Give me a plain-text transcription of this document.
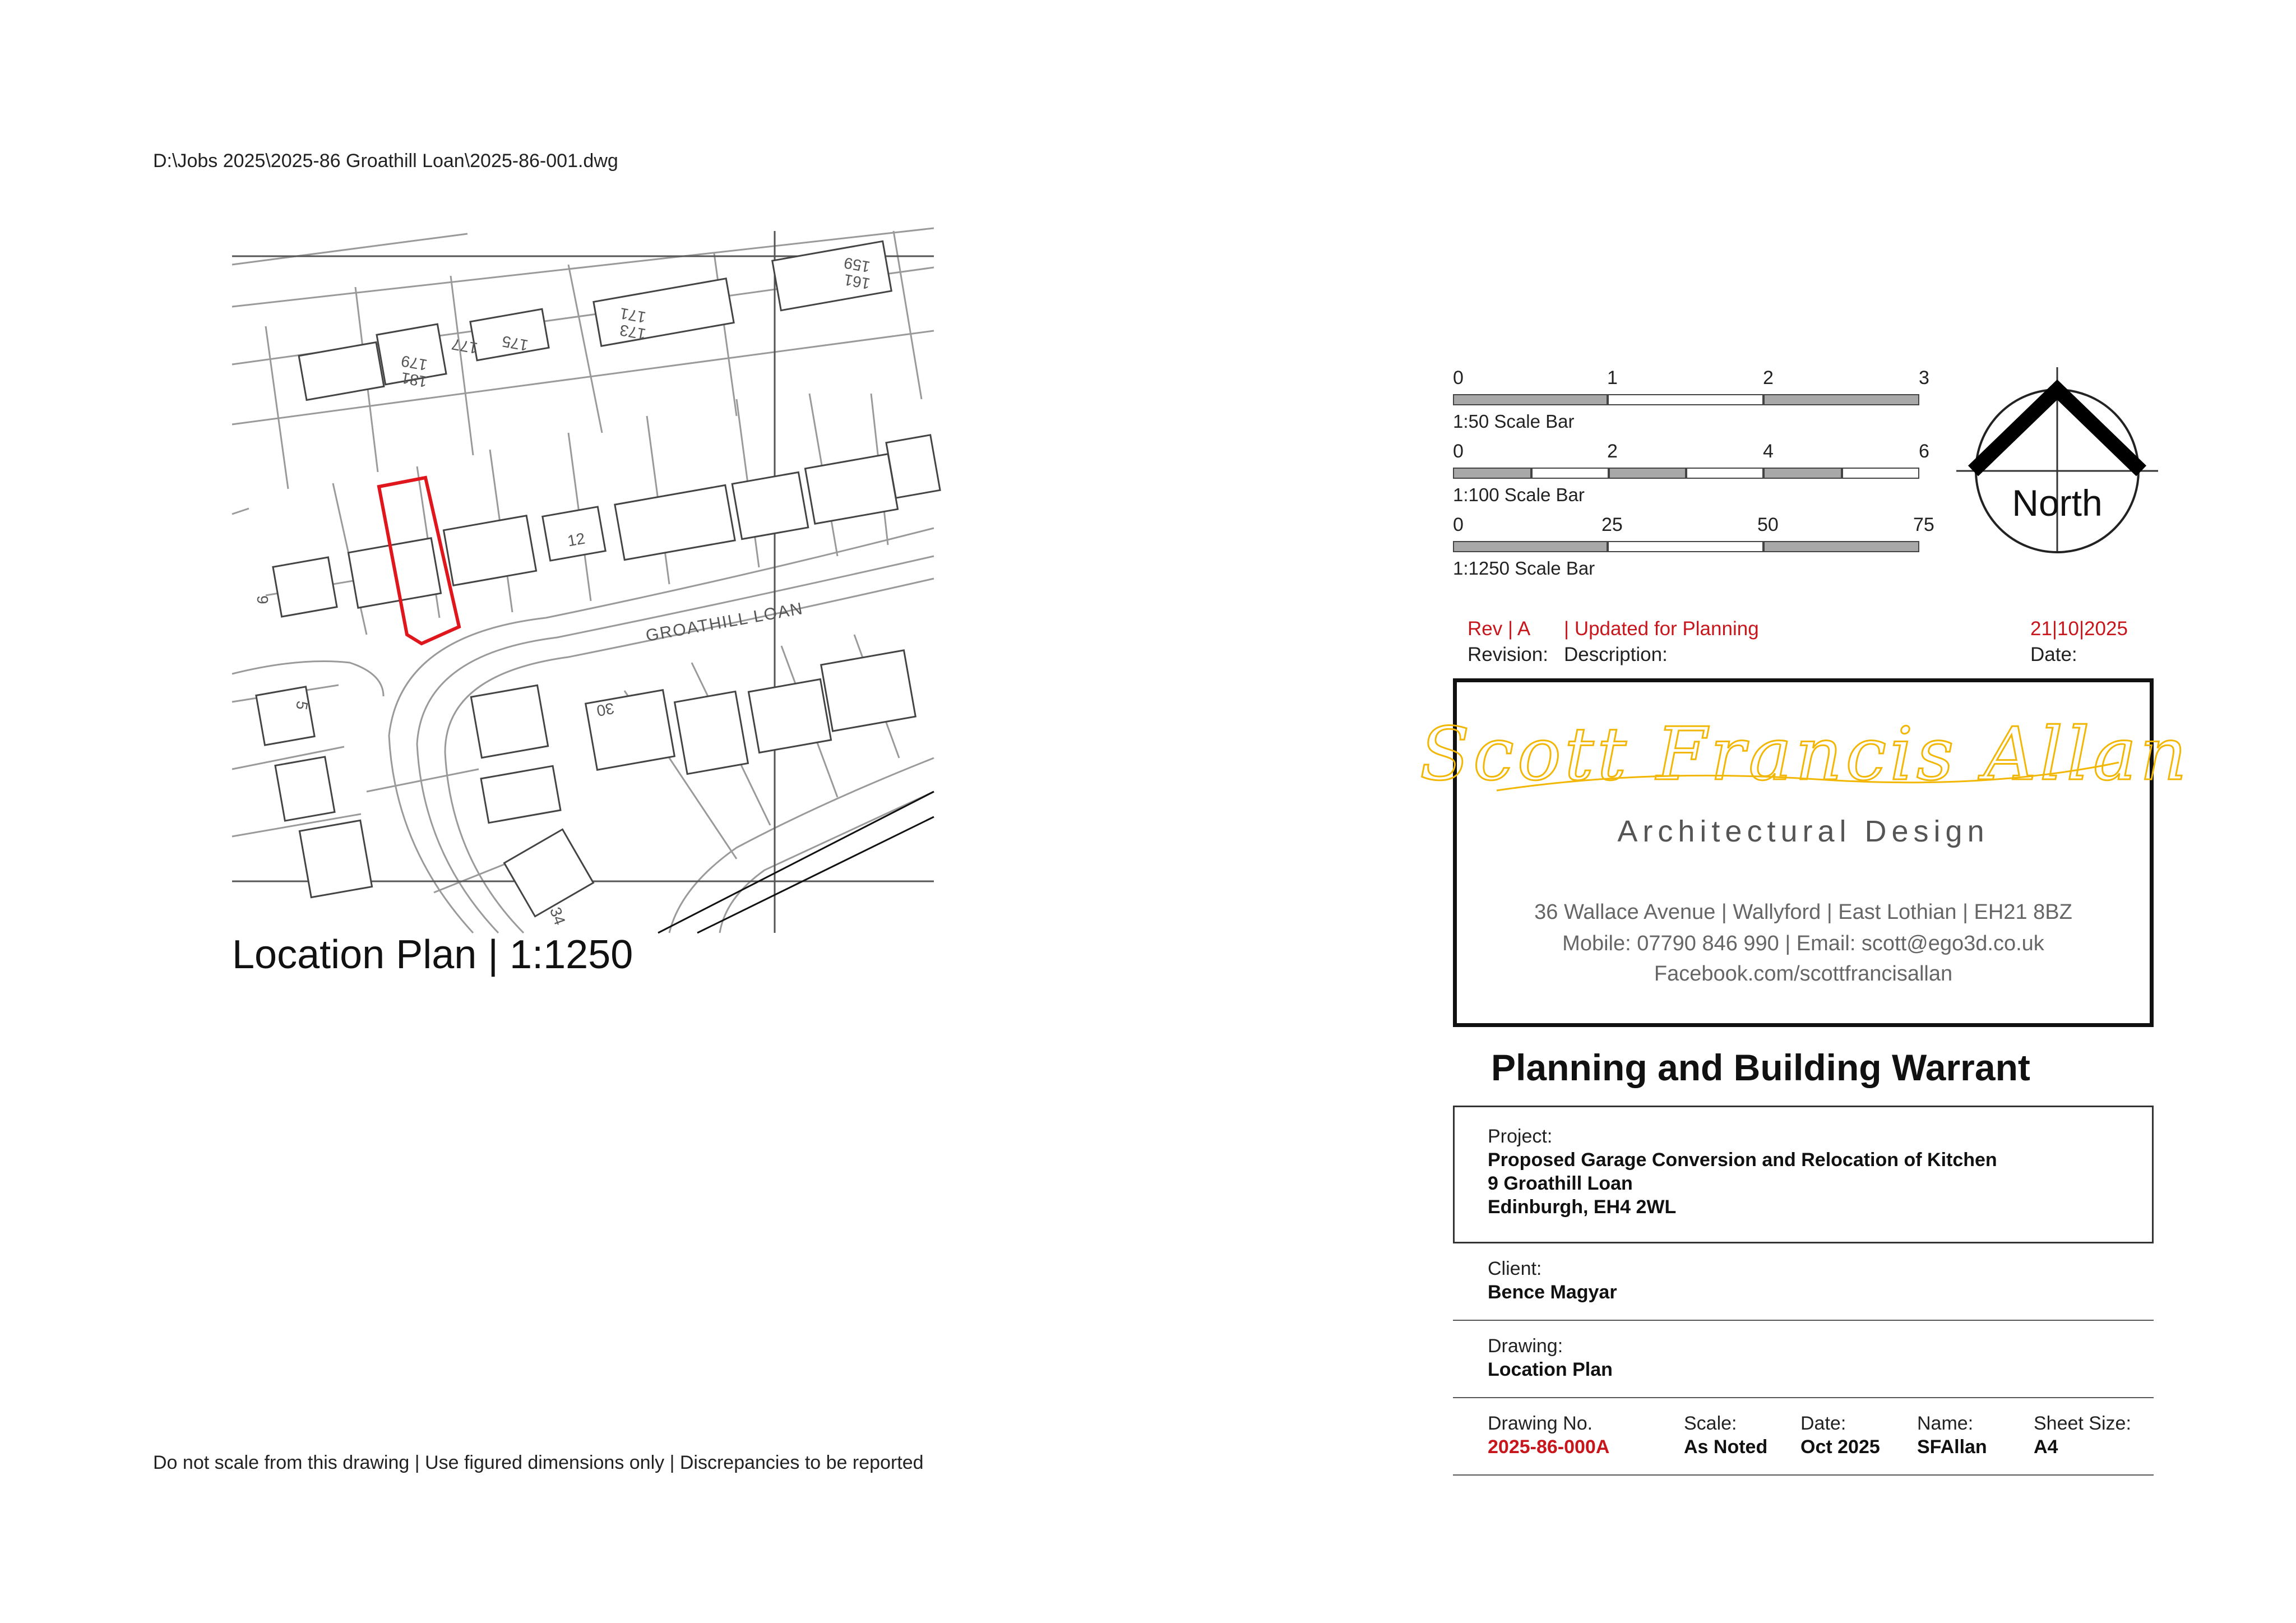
D:\Jobs 2025\2025-86 Groathill Loan\2025-86-001.dwg
GROATHILL LOAN
159
161
171
173
175
177
179
181
12
9
5	30
34
Location Plan | 1:1250
0	1	2	3
1:50 Scale Bar
0	2	4	6
1:100 Scale Bar
0	25	50	75
1:1250 Scale Bar
North
Rev | A | Updated for Planning	21|10|2025
Revision: Description:	Date:
Scott Francis Allan
Architectural Design
36 Wallace Avenue | Wallyford | East Lothian | EH21 8BZ
Mobile: 07790 846 990 | Email: scott@ego3d.co.uk
Facebook.com/scottfrancisallan
Planning and Building Warrant
Project:
Proposed Garage Conversion and Relocation of Kitchen
9 Groathill Loan
Edinburgh, EH4 2WL
Client:
Bence Magyar
Drawing:
Location Plan
Drawing No.
2025-86-000A
Scale:
As Noted
Date:
Oct 2025
Name:
SFAllan
Sheet Size:
A4
Do not scale from this drawing | Use figured dimensions only | Discrepancies to be reported
